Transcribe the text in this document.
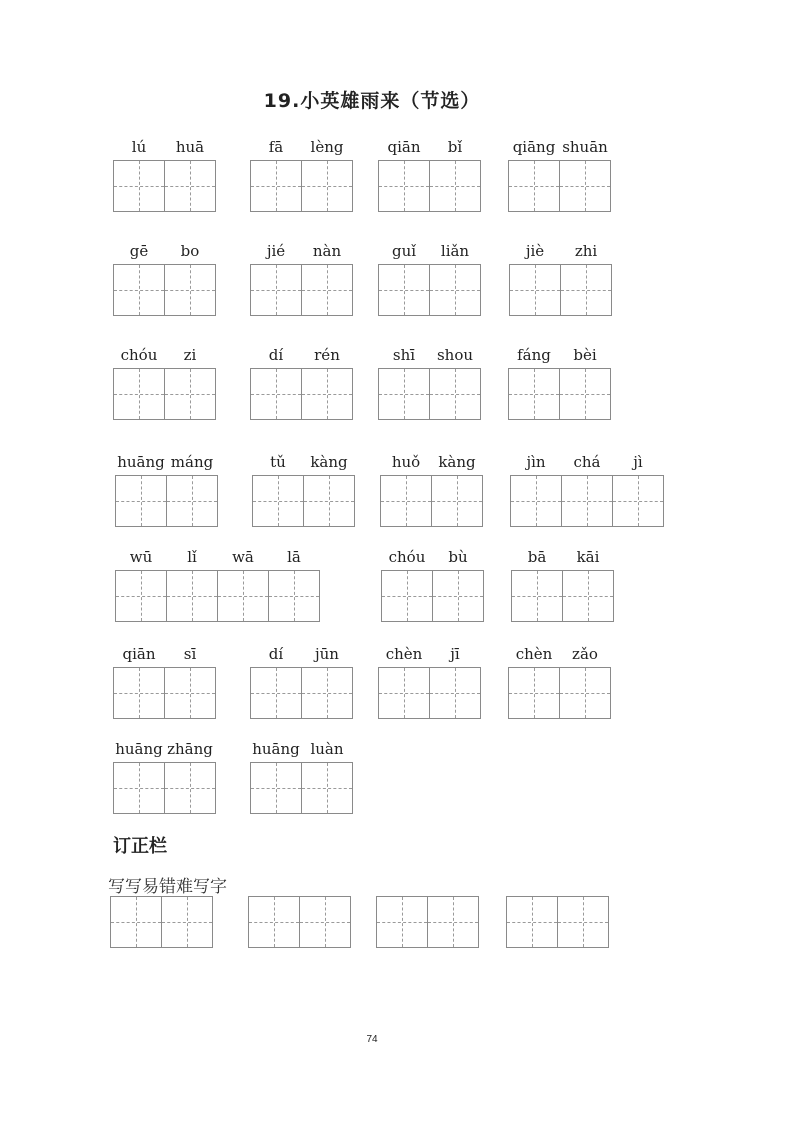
19.小英雄雨来（节选）
lú	huā	fā	lèng	qiān	bǐ	qiāng shuān
gē	bo	jié	nàn	guǐ	liǎn	jiè	zhi
chóu	zi	dí	rén	shī	shou	fáng	bèi
huāng máng	tǔ	kàng	huǒ	kàng	jìn	chá	jì
wū	lǐ	wā	lā	chóu	bù	bā	kāi
qiān	sī	dí	jūn	chèn	jī	chèn	zǎo
huāng zhāng	huāng luàn
订正栏
写写易错难写字
74
